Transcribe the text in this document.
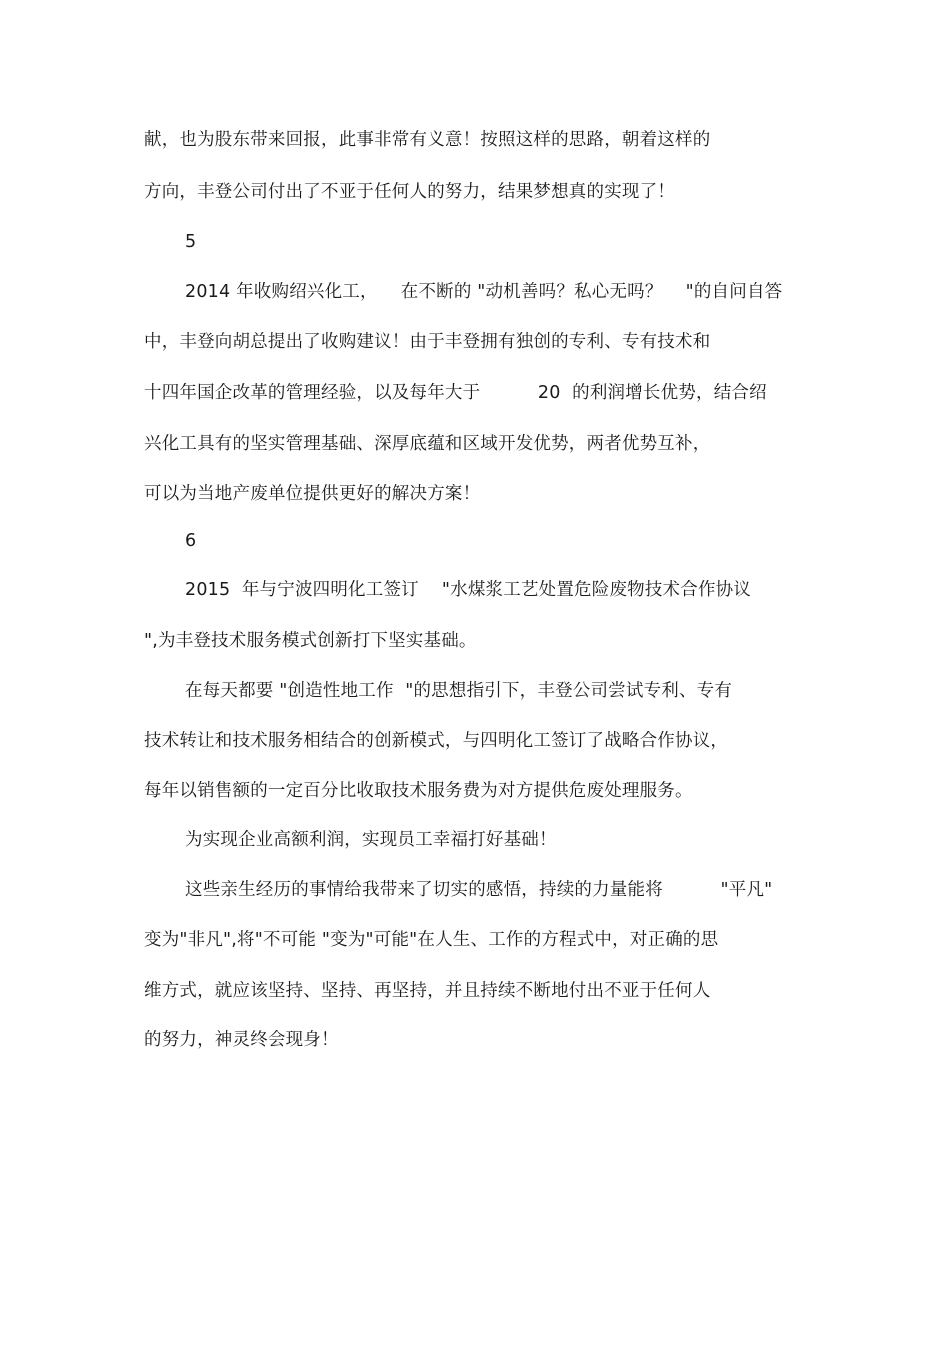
献，也为股东带来回报，此事非常有义意！按照这样的思路，朝着这样的
方向，丰登公司付出了不亚于任何人的努力，结果梦想真的实现了！
5
2014 年收购绍兴化工，    在不断的 "动机善吗？私心无吗？    "的自问自答
中，丰登向胡总提出了收购建议！由于丰登拥有独创的专利、专有技术和
十四年国企改革的管理经验，以及每年大于          20  的利润增长优势，结合绍
兴化工具有的坚实管理基础、深厚底蕴和区域开发优势，两者优势互补，
可以为当地产废单位提供更好的解决方案！
6
2015  年与宁波四明化工签订    "水煤浆工艺处置危险废物技术合作协议
",为丰登技术服务模式创新打下坚实基础。
在每天都要 "创造性地工作  "的思想指引下，丰登公司尝试专利、专有
技术转让和技术服务相结合的创新模式，与四明化工签订了战略合作协议，
每年以销售额的一定百分比收取技术服务费为对方提供危废处理服务。
为实现企业高额利润，实现员工幸福打好基础！
这些亲生经历的事情给我带来了切实的感悟，持续的力量能将          "平凡"
变为"非凡",将"不可能 "变为"可能"在人生、工作的方程式中，对正确的思
维方式，就应该坚持、坚持、再坚持，并且持续不断地付出不亚于任何人
的努力，神灵终会现身！
